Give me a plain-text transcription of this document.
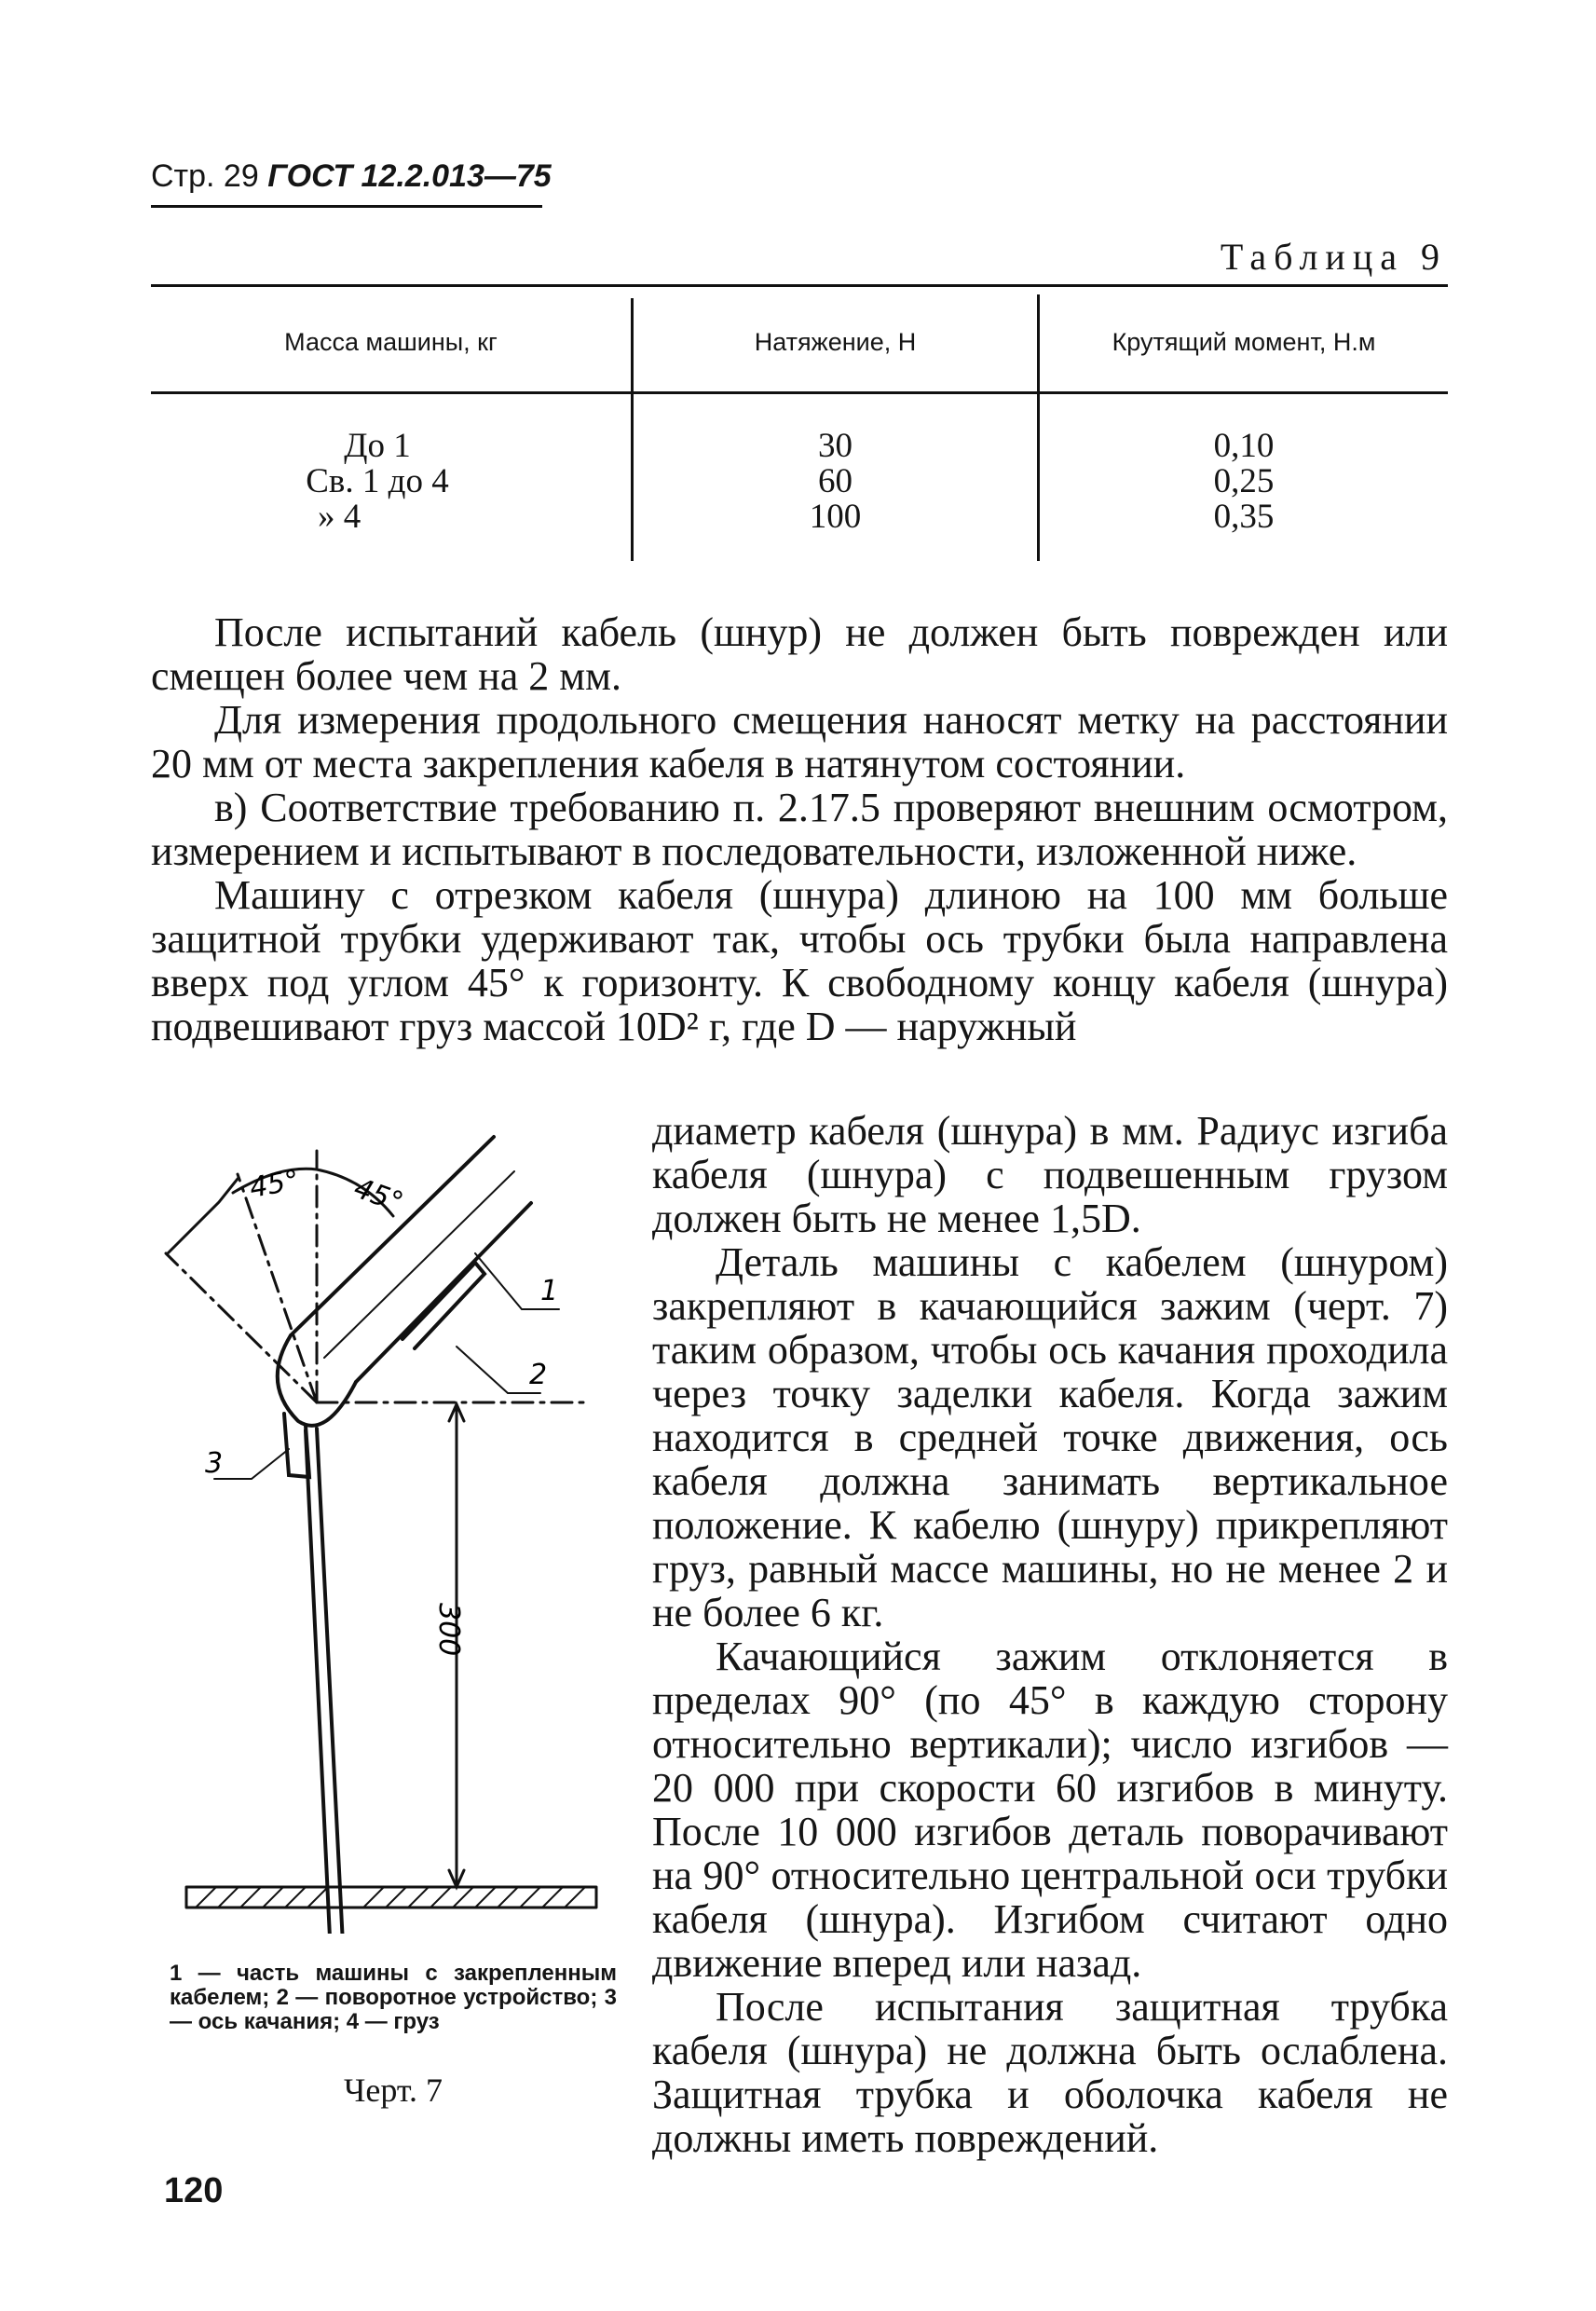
Стр. 29 ГОСТ 12.2.013—75
Таблица 9
Масса машины, кг	Натяжение, Н	Крутящий момент, Н.м
До 1
Св. 1 до 4
» 4
30
60
100
0,10
0,25
0,35

После испытаний кабель (шнур) не должен быть поврежден или смещен более чем на 2 мм.

Для измерения продольного смещения наносят метку на расстоянии 20 мм от места закрепления кабеля в натянутом состоянии.

в) Соответствие требованию п. 2.17.5 проверяют внешним осмотром, измерением и испытывают в последовательности, изложенной ниже.

Машину с отрезком кабеля (шнура) длиною на 100 мм больше защитной трубки удерживают так, чтобы ось трубки была направлена вверх под углом 45° к горизонту. К свободному концу кабеля (шнура) подвешивают груз массой 10D² г, где D — наружный

диаметр кабеля (шнура) в мм. Радиус изгиба кабеля (шнура) с подвешенным грузом должен быть не менее 1,5D.

Деталь машины с кабелем (шнуром) закрепляют в качающийся зажим (черт. 7) таким образом, чтобы ось качания проходила через точку заделки кабеля. Когда зажим находится в средней точке движения, ось кабеля должна занимать вертикальное положение. К кабелю (шнуру) прикрепляют груз, равный массе машины, но не менее 2 и не более 6 кг.

Качающийся зажим отклоняется в пределах 90° (по 45° в каждую сторону относительно вертикали); число изгибов — 20 000 при скорости 60 изгибов в минуту. После 10 000 изгибов деталь поворачивают на 90° относительно центральной оси трубки кабеля (шнура). Изгибом считают одно движение вперед или назад.

После испытания защитная трубка кабеля (шнура) не должна быть ослаблена. Защитная трубка и оболочка кабеля не должны иметь повреждений.

45° 45°
300
1
2
3
1 — часть машины с закрепленным кабелем; 2 — поворотное устройство; 3 — ось качания; 4 — груз
Черт. 7
120
